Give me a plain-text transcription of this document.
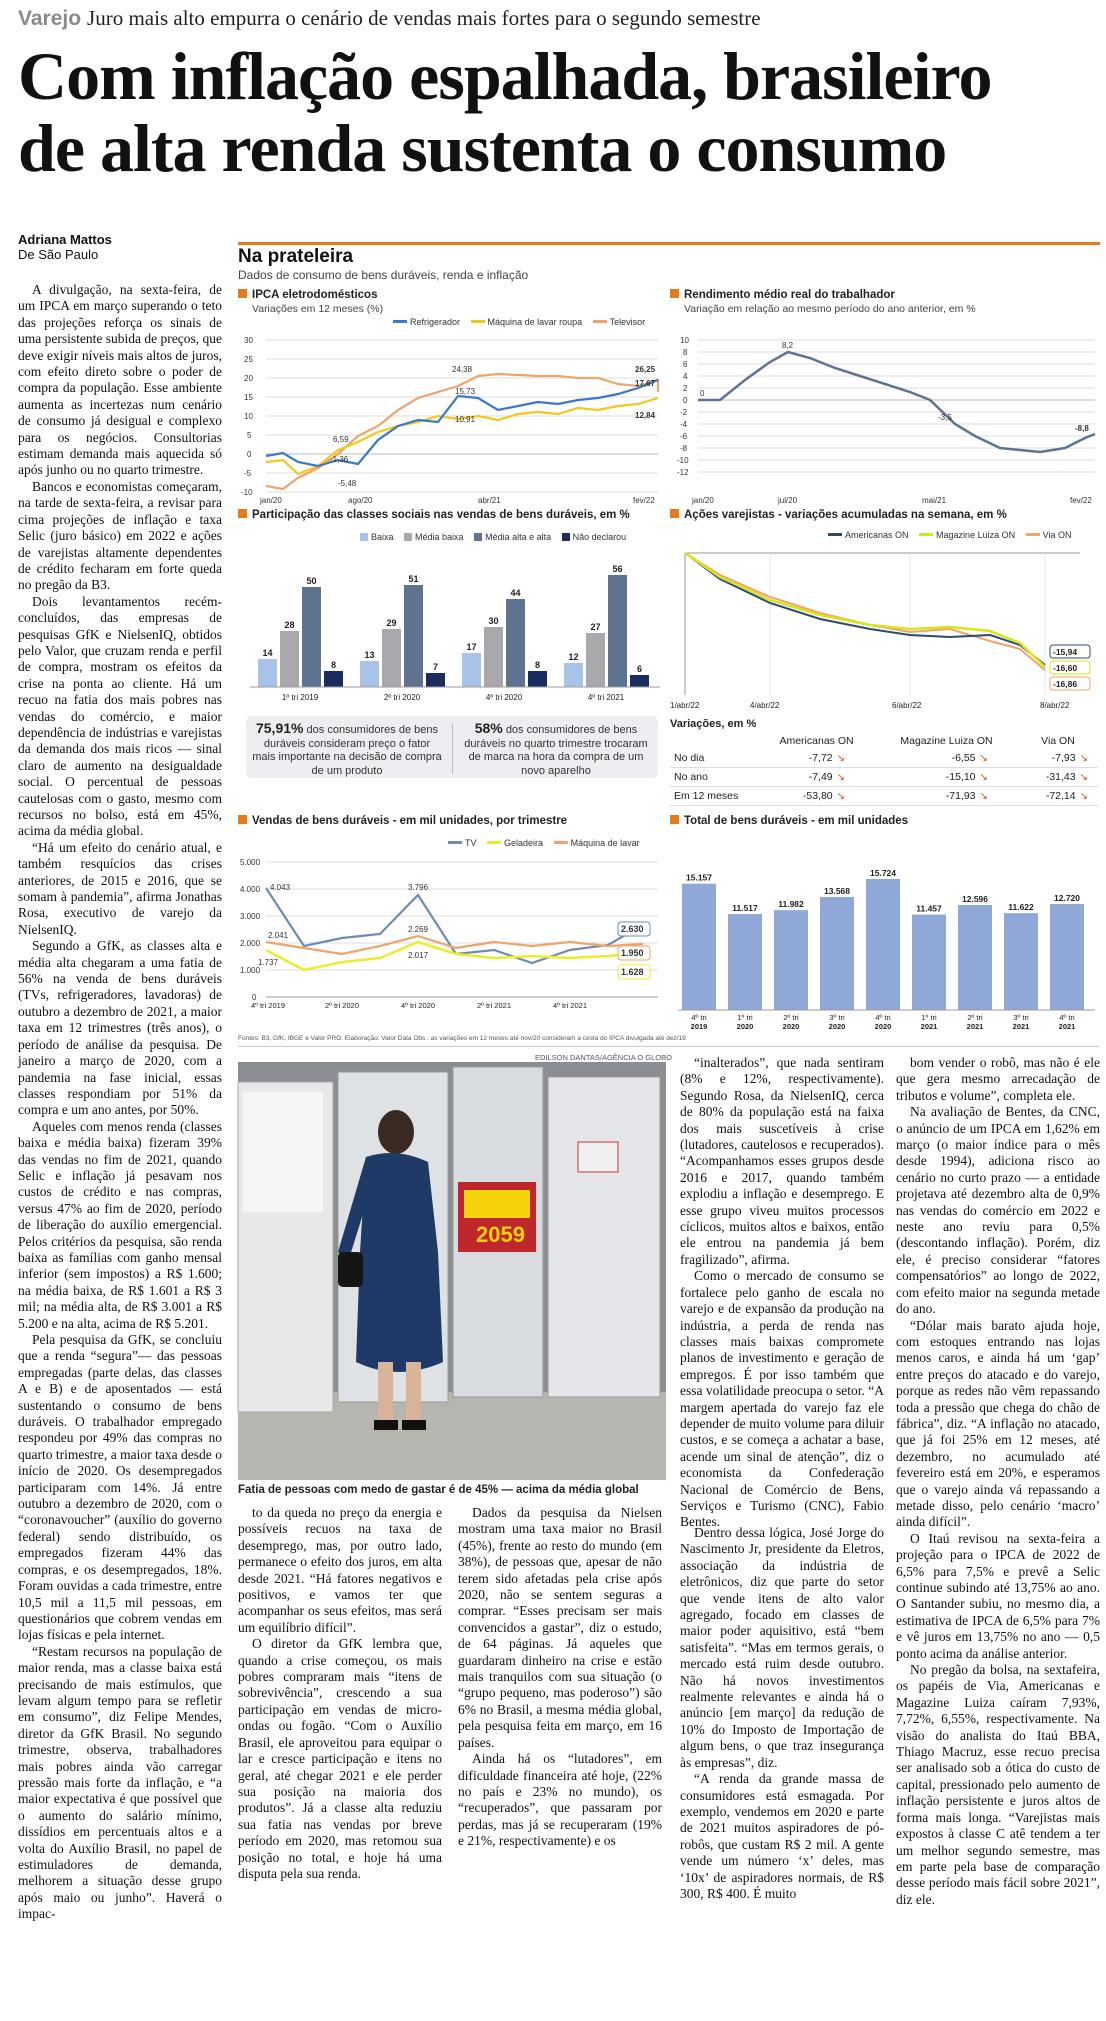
Varejo Juro mais alto empurra o cenário de vendas mais fortes para o segundo semestre
Com inflação espalhada, brasileiro
de alta renda sustenta o consumo
Adriana Mattos
De São Paulo

A divulgação, na sexta-feira, de um IPCA em março superando o teto das projeções reforça os sinais de uma persistente subida de preços, que deve exigir níveis mais altos de juros, com efeito direto sobre o poder de compra da população. Esse ambiente aumenta as incertezas num cenário de consumo já desigual e complexo para os negócios. Consultorias estimam demanda mais aquecida só após junho ou no quarto trimestre.

Bancos e economistas começaram, na tarde de sexta-feira, a revisar para cima projeções de inflação e taxa Selic (juro básico) em 2022 e ações de varejistas altamente dependentes de crédito fecharam em forte queda no pregão da B3.

Dois levantamentos recém-concluídos, das empresas de pesquisas GfK e NielsenIQ, obtidos pelo Valor, que cruzam renda e perfil de compra, mostram os efeitos da crise na ponta ao cliente. Há um recuo na fatia dos mais pobres nas vendas do comércio, e maior dependência de indústrias e varejistas da demanda dos mais ricos — sinal claro de aumento na desigualdade social. O percentual de pessoas cautelosas com o gasto, mesmo com recursos no bolso, está em 45%, acima da média global.

“Há um efeito do cenário atual, e também resquícios das crises anteriores, de 2015 e 2016, que se somam à pandemia”, afirma Jonathas Rosa, executivo de varejo da NielsenIQ.

Segundo a GfK, as classes alta e média alta chegaram a uma fatia de 56% na venda de bens duráveis (TVs, refrigeradores, lavadoras) de outubro a dezembro de 2021, a maior taxa em 12 trimestres (três anos), o período de análise da pesquisa. De janeiro a março de 2020, com a pandemia na fase inicial, essas classes respondiam por 51% da compra e um ano antes, por 50%.

Aqueles com menos renda (classes baixa e média baixa) fizeram 39% das vendas no fim de 2021, quando Selic e inflação já pesavam nos custos de crédito e nas compras, versus 47% ao fim de 2020, período de liberação do auxílio emergencial. Pelos critérios da pesquisa, são renda baixa as famílias com ganho mensal inferior (sem impostos) a R$ 1.600; na média baixa, de R$ 1.601 a R$ 3 mil; na média alta, de R$ 3.001 a R$ 5.200 e na alta, acima de R$ 5.201.

Pela pesquisa da GfK, se concluiu que a renda “segura”— das pessoas empregadas (parte delas, das classes A e B) e de aposentados — está sustentando o consumo de bens duráveis. O trabalhador empregado respondeu por 49% das compras no quarto trimestre, a maior taxa desde o início de 2020. Os desempregados participaram com 14%. Já entre outubro a dezembro de 2020, com o “coronavoucher” (auxílio do governo federal) sendo distribuído, os empregados fizeram 44% das compras, e os desempregados, 18%. Foram ouvidas a cada trimestre, entre 10,5 mil a 11,5 mil pessoas, em questionários que cobrem vendas em lojas físicas e pela internet.

“Restam recursos na população de maior renda, mas a classe baixa está precisando de mais estímulos, que levam algum tempo para se refletir em consumo”, diz Felipe Mendes, diretor da GfK Brasil. No segundo trimestre, observa, trabalhadores mais pobres ainda vão carregar pressão mais forte da inflação, e “a maior expectativa é que possível que o aumento do salário mínimo, dissídios em percentuais altos e a volta do Auxílio Brasil, no papel de estimuladores de demanda, melhorem a situação desse grupo após maio ou junho”. Haverá o impac-

Na prateleira
Dados de consumo de bens duráveis, renda e inflação
IPCA eletrodomésticos
Variações em 12 meses (%)
Refrigerador	Máquina de lavar roupa	Televisor
30
25
20
15
10
5
0
-5
-10
24,38	26,25
17,67
12,84
15,73
10,91
6,59
-1,36
-5,48
jan/20	ago/20	abr/21	fev/22
Rendimento médio real do trabalhador
Variação em relação ao mesmo período do ano anterior, em %
10
8
6
4
2
0
-2
-4
-6
-8
-10
-12
0
8,2
-3,5
-8,8
jan/20	jul/20	mai/21	fev/22
Participação das classes sociais nas vendas de bens duráveis, em %
Baixa Média baixa Média alta e alta Não declarou
14
28
50
8
13
29
51
7
17
30
44
8
12
27
56
6
1º tri 2019	2º tri 2020	4º tri 2020	4º tri 2021
75,91% dos consumidores de bens duráveis consideram preço o fator mais importante na decisão de compra de um produto
58% dos consumidores de bens duráveis no quarto trimestre trocaram de marca na hora da compra de um novo aparelho
Ações varejistas - variações acumuladas na semana, em %
Americanas ON	Magazine Luiza ON	Via ON
-15,94
-16,60
-16,86
1/abr/22	4/abr/22	6/abr/22	8/abr/22
Variações, em %
	Americanas ON	Magazine Luiza ON	Via ON
No dia	-7,72 ↘	-6,55 ↘	-7,93 ↘
No ano	-7,49 ↘	-15,10 ↘	-31,43 ↘
Em 12 meses	-53,80 ↘	-71,93 ↘	-72,14 ↘
Vendas de bens duráveis - em mil unidades, por trimestre
TV	Geladeira	Máquina de lavar
5.000
4.000
3.000
2.000
1.000
0
4.043	3.796
2.630
2.041
2.269
1.950
1.737
2.017
1.628
4º tri 2019	2º tri 2020	4º tri 2020	2º tri 2021	4º tri 2021
Total de bens duráveis - em mil unidades
15.157
4º tri
2019
11.517
1º tri
2020
11.982
2º tri
2020
13.568
3º tri
2020
15.724
4º tri
2020
11.457
1º tri
2021
12.596
2º tri
2021
11.622
3º tri
2021
12.720
4º tri
2021
Fontes: B3, GfK, IBGE e Valor PRO. Elaboração: Valor Data Obs.: as variações em 12 meses até nov/20 consideram a cesta do IPCA divulgada até dez/19
EDILSON DANTAS/AGÊNCIA O GLOBO
2059
Fatia de pessoas com medo de gastar é de 45% — acima da média global

to da queda no preço da energia e possíveis recuos na taxa de desemprego, mas, por outro lado, permanece o efeito dos juros, em alta desde 2021. “Há fatores negativos e positivos, e vamos ter que acompanhar os seus efeitos, mas será um equilíbrio difícil”.

O diretor da GfK lembra que, quando a crise começou, os mais pobres compraram mais “itens de sobrevivência”, crescendo a sua participação em vendas de micro-ondas ou fogão. “Com o Auxílio Brasil, ele aproveitou para equipar o lar e cresce participação e itens no geral, até chegar 2021 e ele perder sua posição na maioria dos produtos”. Já a classe alta reduziu sua fatia nas vendas por breve período em 2020, mas retomou sua posição no total, e hoje há uma disputa pela sua renda.

Dados da pesquisa da Nielsen mostram uma taxa maior no Brasil (45%), frente ao resto do mundo (em 38%), de pessoas que, apesar de não terem sido afetadas pela crise após 2020, não se sentem seguras a comprar. “Esses precisam ser mais convencidos a gastar”, diz o estudo, de 64 páginas. Já aqueles que guardaram dinheiro na crise e estão mais tranquilos com sua situação (o “grupo pequeno, mas poderoso”) são 6% no Brasil, a mesma média global, pela pesquisa feita em março, em 16 países.

Ainda há os “lutadores”, em dificuldade financeira até hoje, (22% no país e 23% no mundo), os “recuperados”, que passaram por perdas, mas já se recuperaram (19% e 21%, respectivamente) e os

“inalterados”, que nada sentiram (8% e 12%, respectivamente). Segundo Rosa, da NielsenIQ, cerca de 80% da população está na faixa dos mais suscetíveis à crise (lutadores, cautelosos e recuperados). “Acompanhamos esses grupos desde 2016 e 2017, quando também explodiu a inflação e desemprego. E esse grupo viveu muitos processos cíclicos, muitos altos e baixos, então ele entrou na pandemia já bem fragilizado”, afirma.

Como o mercado de consumo se fortalece pelo ganho de escala no varejo e de expansão da produção na indústria, a perda de renda nas classes mais baixas compromete planos de investimento e geração de empregos. É por isso também que essa volatilidade preocupa o setor. “A margem apertada do varejo faz ele depender de muito volume para diluir custos, e se começa a achatar a base, acende um sinal de atenção”, diz o economista da Confederação Nacional de Comércio de Bens, Serviços e Turismo (CNC), Fabio Bentes.

Dentro dessa lógica, José Jorge do Nascimento Jr, presidente da Eletros, associação da indústria de eletrônicos, diz que parte do setor que vende itens de alto valor agregado, focado em classes de maior poder aquisitivo, está “bem satisfeita”. “Mas em termos gerais, o mercado está ruim desde outubro. Não há novos investimentos realmente relevantes e ainda há o anúncio [em março] da redução de 10% do Imposto de Importação de algum bens, o que traz insegurança às empresas”, diz.

“A renda da grande massa de consumidores está esmagada. Por exemplo, vendemos em 2020 e parte de 2021 muitos aspiradores de pó-robôs, que custam R$ 2 mil. A gente vende um número ‘x’ deles, mas ‘10x’ de aspiradores normais, de R$ 300, R$ 400. É muito

bom vender o robô, mas não é ele que gera mesmo arrecadação de tributos e volume”, completa ele.

Na avaliação de Bentes, da CNC, o anúncio de um IPCA em 1,62% em março (o maior índice para o mês desde 1994), adiciona risco ao cenário no curto prazo — a entidade projetava até dezembro alta de 0,9% nas vendas do comércio em 2022 e neste ano reviu para 0,5% (descontando inflação). Porém, diz ele, é preciso considerar “fatores compensatórios” ao longo de 2022, com efeito maior na segunda metade do ano.

“Dólar mais barato ajuda hoje, com estoques entrando nas lojas menos caros, e ainda há um ‘gap’ entre preços do atacado e do varejo, porque as redes não vêm repassando toda a pressão que chega do chão de fábrica”, diz. “A inflação no atacado, que já foi 25% em 12 meses, até dezembro, no acumulado até fevereiro está em 20%, e esperamos que o varejo ainda vá repassando a metade disso, pelo cenário ‘macro’ ainda difícil”.

O Itaú revisou na sexta-feira a projeção para o IPCA de 2022 de 6,5% para 7,5% e prevê a Selic continue subindo até 13,75% ao ano. O Santander subiu, no mesmo dia, a estimativa de IPCA de 6,5% para 7% e vê juros em 13,75% no ano — 0,5 ponto acima da análise anterior.

No pregão da bolsa, na sextafeira, os papéis de Via, Americanas e Magazine Luiza caíram 7,93%, 7,72%, 6,55%, respectivamente. Na visão do analista do Itaú BBA, Thiago Macruz, esse recuo precisa ser analisado sob a ótica do custo de capital, pressionado pelo aumento de inflação persistente e juros altos de forma mais longa. “Varejistas mais expostos à classe C atê tendem a ter um melhor segundo semestre, mas em parte pela base de comparação desse período mais fácil sobre 2021”, diz ele.
